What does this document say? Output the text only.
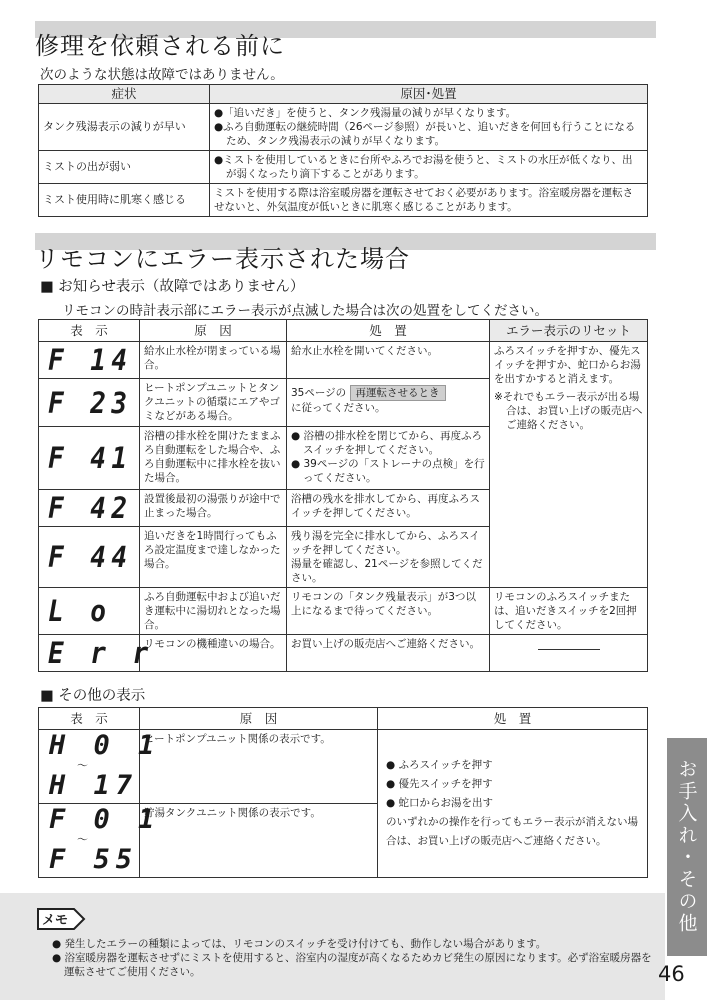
修理を依頼される前に
次のような状態は故障ではありません。
症状	原因･処置
タンク残湯表示の減りが早い	●「追いだき」を使うと、タンク残湯量の減りが早くなります。
●ふろ自動運転の継続時間（26ページ参照）が長いと、追いだきを何回も行うことになるため、タンク残湯表示の減りが早くなります。

ミストの出が弱い	●ミストを使用しているときに台所やふろでお湯を使うと、ミストの水圧が低くなり、出が弱くなったり滴下することがあります。

ミスト使用時に肌寒く感じる	ミストを使用する際は浴室暖房器を運転させておく必要があります。浴室暖房器を運転させないと、外気温度が低いときに肌寒く感じることがあります。
リモコンにエラー表示された場合
■ お知らせ表示（故障ではありません）
リモコンの時計表示部にエラー表示が点滅した場合は次の処置をしてください。
表　示	原　因	処　置	エラー表示のリセット

F 14	給水止水栓が閉まっている場合。	給水止水栓を開いてください。	ふろスイッチを押すか、優先スイッチを押すか、蛇口からお湯を出すかすると消えます。
※それでもエラー表示が出る場合は、お買い上げの販売店へご連絡ください。

F 23	ヒートポンプユニットとタンクユニットの循環にエアやゴミなどがある場合。	35ページの 再運転させるとき
に従ってください。	

F 41	浴槽の排水栓を開けたままふろ自動運転をした場合や、ふろ自動運転中に排水栓を抜いた場合。	● 浴槽の排水栓を閉じてから、再度ふろスイッチを押してください。
● 39ページの「ストレーナの点検」を行ってください。	

F 42	設置後最初の湯張りが途中で止まった場合。	浴槽の残水を排水してから、再度ふろスイッチを押してください。	

F 44	追いだきを1時間行ってもふろ設定温度まで達しなかった場合。	残り湯を完全に排水してから、ふろスイッチを押してください。
湯量を確認し、21ページを参照してください。	

L o	ふろ自動運転中および追いだき運転中に湯切れとなった場合。	リモコンの「タンク残量表示」が3つ以上になるまで待ってください。	リモコンのふろスイッチまたは、追いだきスイッチを2回押してください。

E r r	リモコンの機種違いの場合。	お買い上げの販売店へご連絡ください。	
■ その他の表示
表　示	原　因	処　置

H 0 1
〜
H 17	ヒートポンプユニット関係の表示です。	● ふろスイッチを押す
● 優先スイッチを押す
● 蛇口からお湯を出す
のいずれかの操作を行ってもエラー表示が消えない場合は、お買い上げの販売店へご連絡ください。

F 0 1
〜
F 55	貯湯タンクユニット関係の表示です。		お手入れ・その他
メモ
● 発生したエラーの種類によっては、リモコンのスイッチを受け付けても、動作しない場合があります。
● 浴室暖房器を運転させずにミストを使用すると、浴室内の湿度が高くなるためカビ発生の原因になります。必ず浴室暖房器を運転させてご使用ください。	46
